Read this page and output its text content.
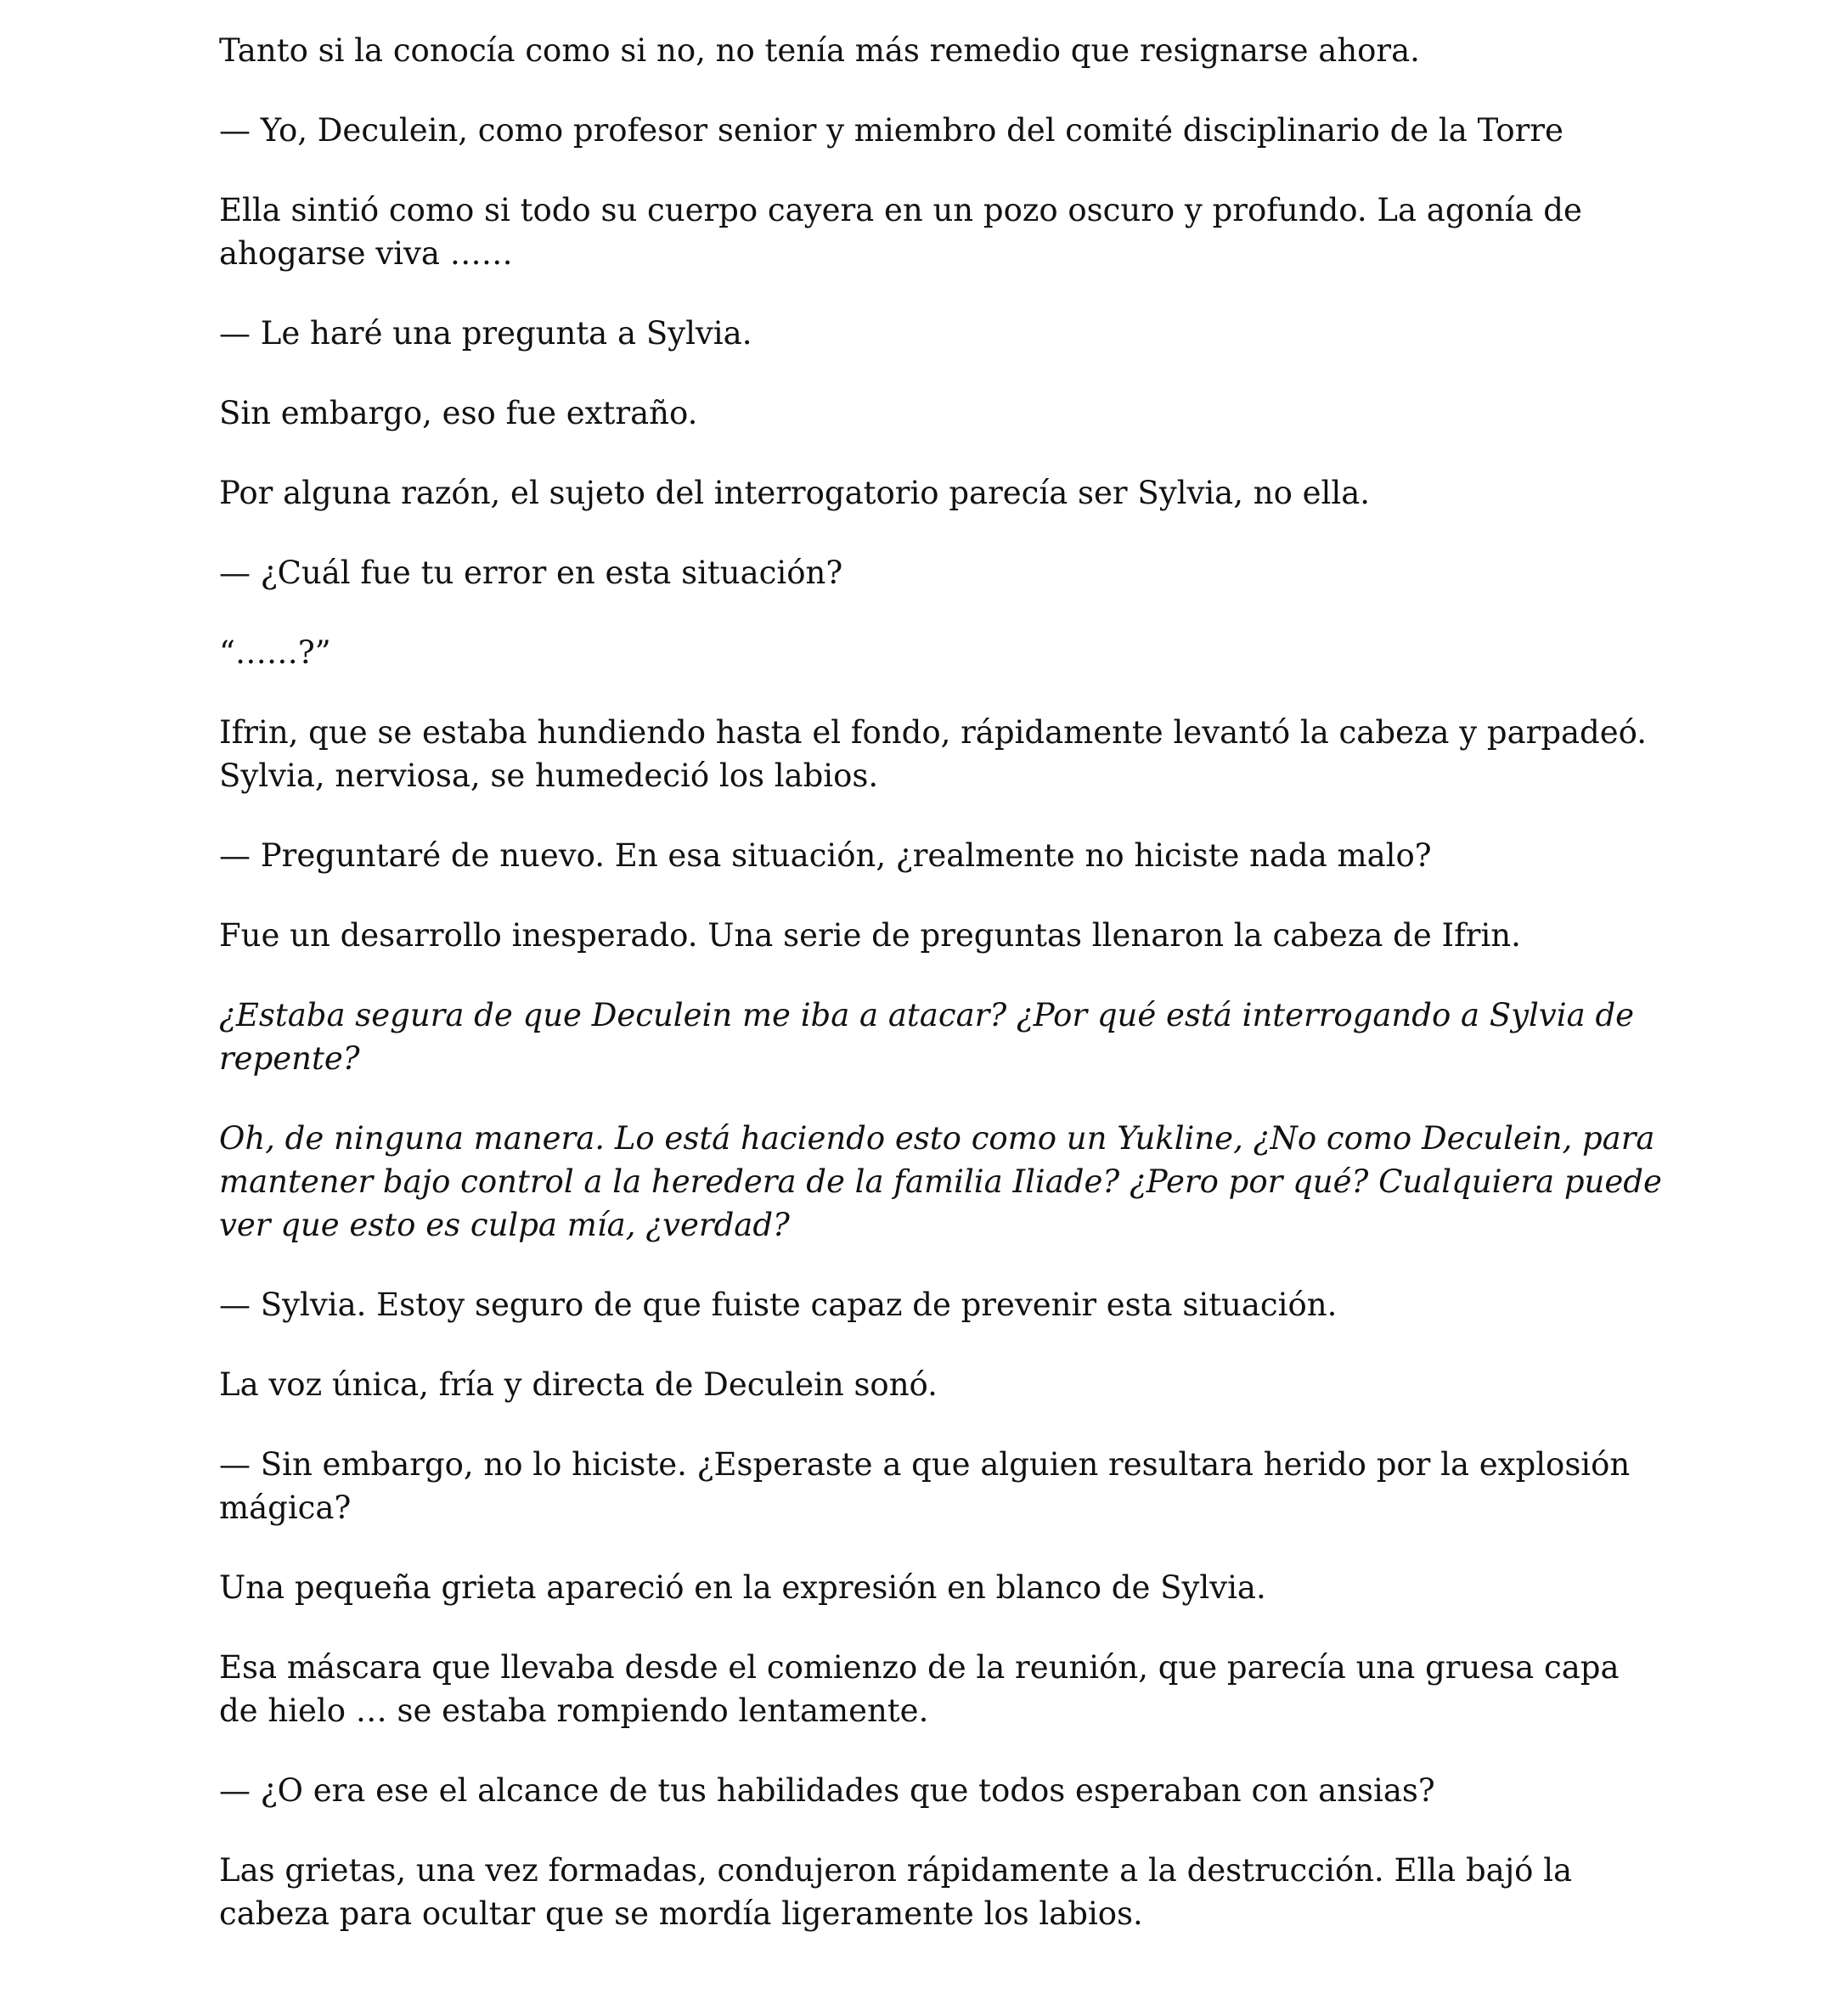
Tanto si la conocía como si no, no tenía más remedio que resignarse ahora.

— Yo, Deculein, como profesor senior y miembro del comité disciplinario de la Torre

Ella sintió como si todo su cuerpo cayera en un pozo oscuro y profundo. La agonía de ahogarse viva ……

— Le haré una pregunta a Sylvia.

Sin embargo, eso fue extraño.

Por alguna razón, el sujeto del interrogatorio parecía ser Sylvia, no ella.

— ¿Cuál fue tu error en esta situación?

“……?”

Ifrin, que se estaba hundiendo hasta el fondo, rápidamente levantó la cabeza y parpadeó. Sylvia, nerviosa, se humedeció los labios.

— Preguntaré de nuevo. En esa situación, ¿realmente no hiciste nada malo?

Fue un desarrollo inesperado. Una serie de preguntas llenaron la cabeza de Ifrin.

¿Estaba segura de que Deculein me iba a atacar? ¿Por qué está interrogando a Sylvia de repente?

Oh, de ninguna manera. Lo está haciendo esto como un Yukline, ¿No como Deculein, para mantener bajo control a la heredera de la familia Iliade? ¿Pero por qué? Cualquiera puede ver que esto es culpa mía, ¿verdad?

— Sylvia. Estoy seguro de que fuiste capaz de prevenir esta situación.

La voz única, fría y directa de Deculein sonó.

— Sin embargo, no lo hiciste. ¿Esperaste a que alguien resultara herido por la explosión mágica?

Una pequeña grieta apareció en la expresión en blanco de Sylvia.

Esa máscara que llevaba desde el comienzo de la reunión, que parecía una gruesa capa de hielo … se estaba rompiendo lentamente.

— ¿O era ese el alcance de tus habilidades que todos esperaban con ansias?

Las grietas, una vez formadas, condujeron rápidamente a la destrucción. Ella bajó la cabeza para ocultar que se mordía ligeramente los labios.
